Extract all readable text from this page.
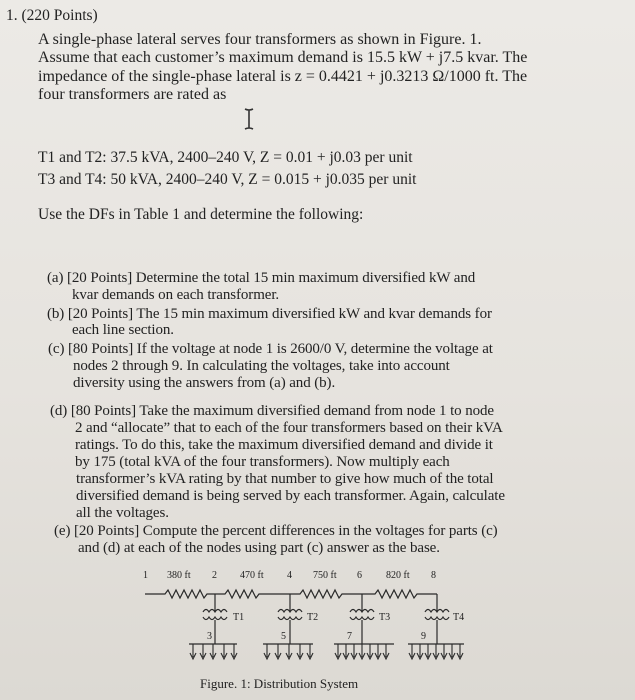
1. (220 Points)
A single-phase lateral serves four transformers as shown in Figure. 1.
Assume that each customer’s maximum demand is 15.5 kW + j7.5 kvar. The
impedance of the single-phase lateral is z = 0.4421 + j0.3213 Ω/1000 ft. The
four transformers are rated as
T1 and T2: 37.5 kVA, 2400–240 V, Z = 0.01 + j0.03 per unit
T3 and T4: 50 kVA, 2400–240 V, Z = 0.015 + j0.035 per unit
Use the DFs in Table 1 and determine the following:
(a) [20 Points] Determine the total 15 min maximum diversified kW and
kvar demands on each transformer.
(b) [20 Points] The 15 min maximum diversified kW and kvar demands for
each line section.
(c) [80 Points] If the voltage at node 1 is 2600/0 V, determine the voltage at
nodes 2 through 9. In calculating the voltages, take into account
diversity using the answers from (a) and (b).
(d) [80 Points] Take the maximum diversified demand from node 1 to node
2 and “allocate” that to each of the four transformers based on their kVA
ratings. To do this, take the maximum diversified demand and divide it
by 175 (total kVA of the four transformers). Now multiply each
transformer’s kVA rating by that number to give how much of the total
diversified demand is being served by each transformer. Again, calculate
all the voltages.
(e) [20 Points] Compute the percent differences in the voltages for parts (c)
and (d) at each of the nodes using part (c) answer as the base.
1 380 ft 2 470 ft 4 750 ft 6 820 ft 8
T1	T2	T3	T4
3	5	7	9
Figure. 1: Distribution System
